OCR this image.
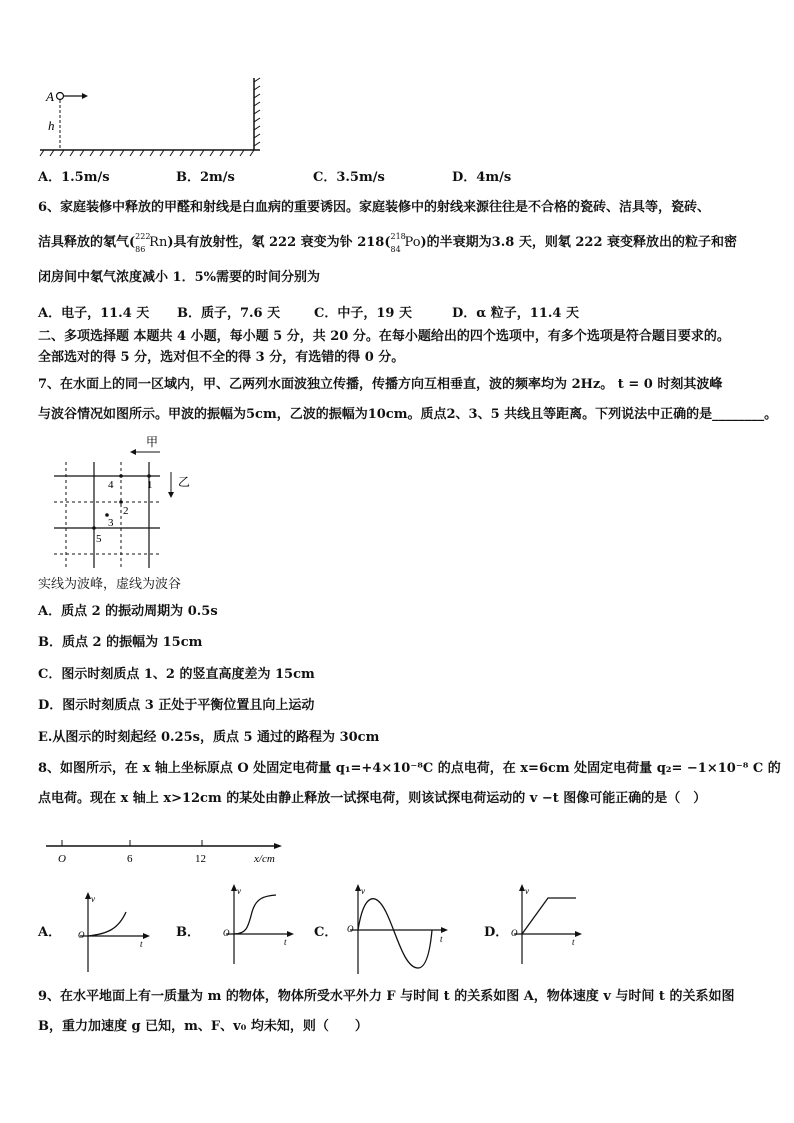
A
h
A．1.5m/s	B．2m/s	C．3.5m/s	D．4m/s
6、家庭装修中释放的甲醛和射线是白血病的重要诱因。家庭装修中的射线来源往往是不合格的瓷砖、洁具等，瓷砖、
洁具释放的氡气( 222
86 Rn)具有放射性，氡 222 衰变为钋 218( 218
84 Po)的半衰期为3.8 天，则氡 222 衰变释放出的粒子和密
闭房间中氡气浓度减小 1．5%需要的时间分别为
A．电子，11.4 天 B．质子，7.6 天	C．中子，19 天	D．α 粒子，11.4 天
二、多项选择题 本题共 4 小题，每小题 5 分，共 20 分。在每小题给出的四个选项中，有多个选项是符合题目要求的。
全部选对的得 5 分，选对但不全的得 3 分，有选错的得 0 分。
7、在水面上的同一区域内，甲、乙两列水面波独立传播，传播方向互相垂直，波的频率均为 2Hz。 t = 0 时刻其波峰
与波谷情况如图所示。甲波的振幅为5cm，乙波的振幅为10cm。质点2、3、5 共线且等距离。下列说法中正确的是________。
甲
乙
1
2
3
4
5
实线为波峰，虚线为波谷
A．质点 2 的振动周期为 0.5s
B．质点 2 的振幅为 15cm
C．图示时刻质点 1、2 的竖直高度差为 15cm
D．图示时刻质点 3 正处于平衡位置且向上运动
E.从图示的时刻起经 0.25s，质点 5 通过的路程为 30cm
8、如图所示，在 x 轴上坐标原点 O 处固定电荷量 q₁=+4×10⁻⁸C 的点电荷，在 x=6cm 处固定电荷量 q₂= −1×10⁻⁸ C 的
点电荷。现在 x 轴上 x>12cm 的某处由静止释放一试探电荷，则该试探电荷运动的 v −t 图像可能正确的是（　）
O	6	12	x/cm
A．	B．	C．	D．
v
O
t
v
O
t
v
O
t
v
O
t
9、在水平地面上有一质量为 m 的物体，物体所受水平外力 F 与时间 t 的关系如图 A，物体速度 v 与时间 t 的关系如图
B，重力加速度 g 已知，m、F、v₀ 均未知，则（　　）
